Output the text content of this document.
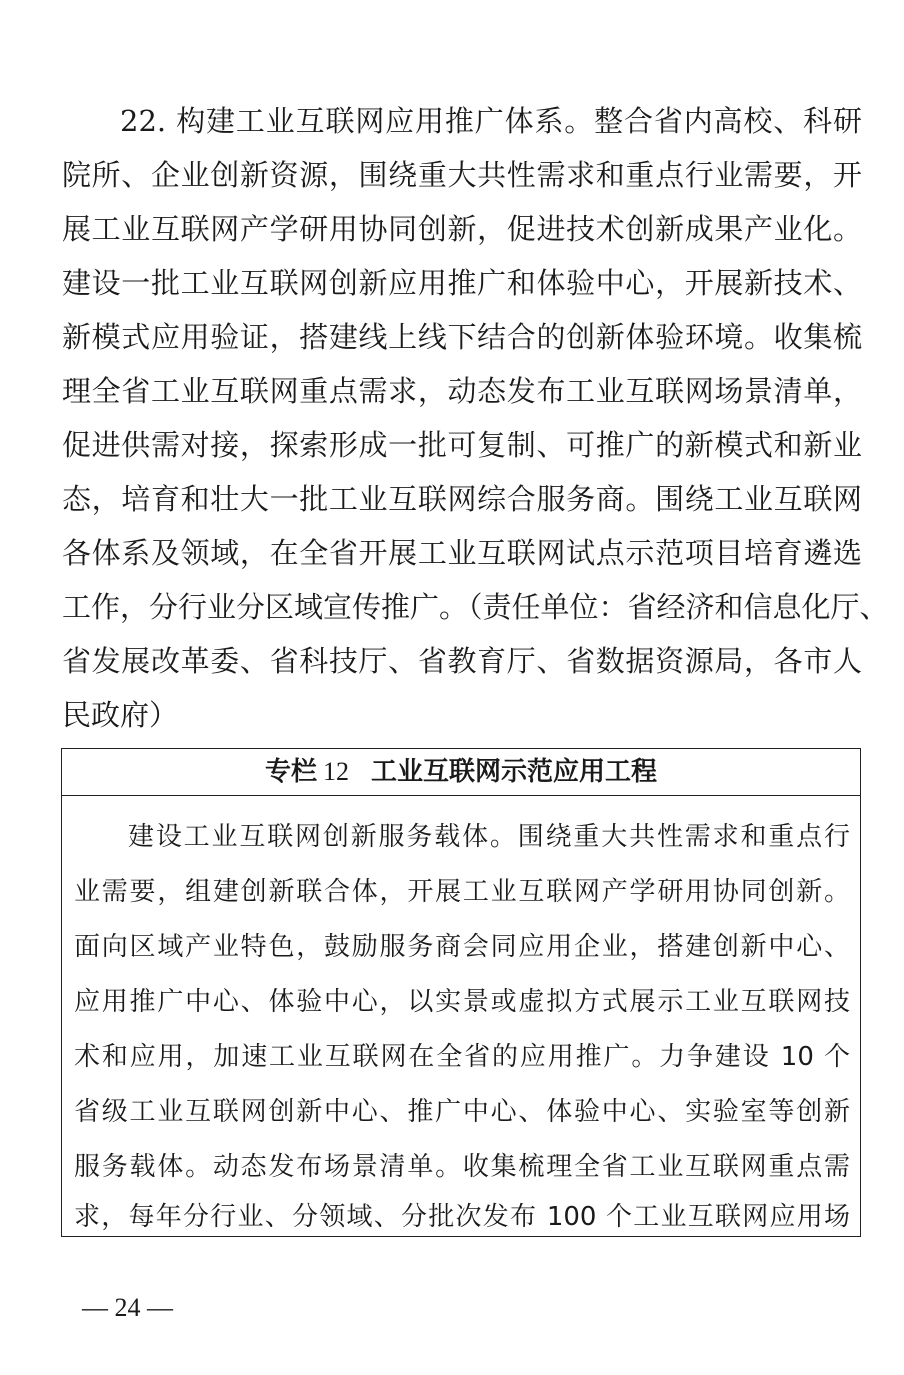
22. 构建工业互联网应用推广体系。整合省内高校、科研
院所、企业创新资源，围绕重大共性需求和重点行业需要，开
展工业互联网产学研用协同创新，促进技术创新成果产业化。
建设一批工业互联网创新应用推广和体验中心，开展新技术、
新模式应用验证，搭建线上线下结合的创新体验环境。收集梳
理全省工业互联网重点需求，动态发布工业互联网场景清单，
促进供需对接，探索形成一批可复制、可推广的新模式和新业
态，培育和壮大一批工业互联网综合服务商。围绕工业互联网
各体系及领域，在全省开展工业互联网试点示范项目培育遴选
工作，分行业分区域宣传推广。（责任单位：省经济和信息化厅、
省发展改革委、省科技厅、省教育厅、省数据资源局，各市人
民政府）
专栏 12 工业互联网示范应用工程
建设工业互联网创新服务载体。围绕重大共性需求和重点行
业需要，组建创新联合体，开展工业互联网产学研用协同创新。
面向区域产业特色，鼓励服务商会同应用企业，搭建创新中心、
应用推广中心、体验中心，以实景或虚拟方式展示工业互联网技
术和应用，加速工业互联网在全省的应用推广。力争建设 10 个
省级工业互联网创新中心、推广中心、体验中心、实验室等创新
服务载体。动态发布场景清单。收集梳理全省工业互联网重点需
求，每年分行业、分领域、分批次发布 100 个工业互联网应用场
— 24 —
